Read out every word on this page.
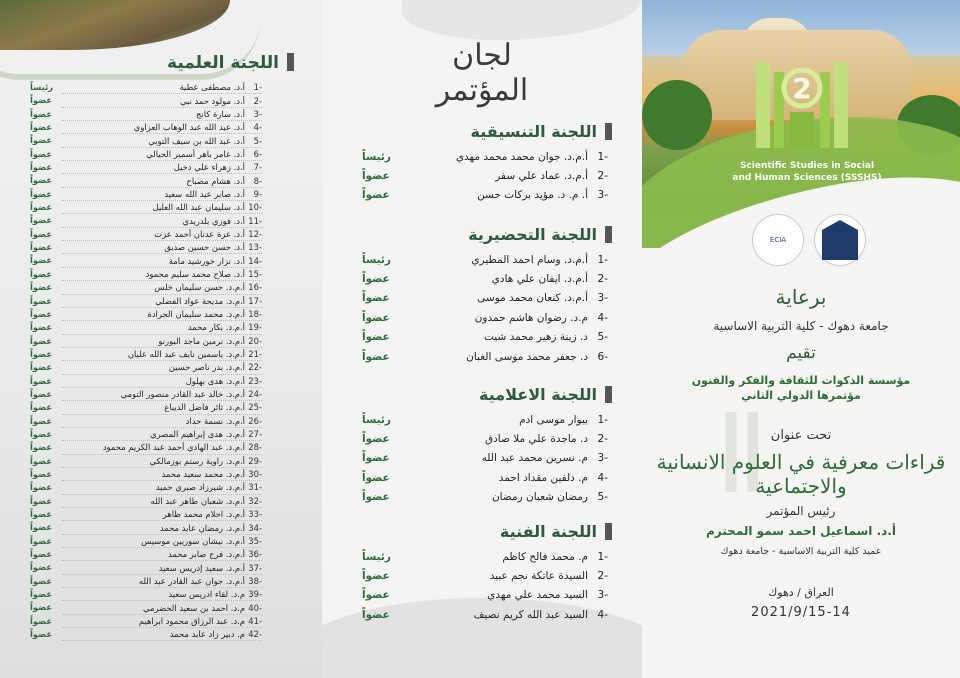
اللجنة العلمية
-1
أ.د. مصطفى عطية
-2
أ.د. مولود حمد نبي
-3
أ.د. سارة كانج
-4
أ.د. عبد الله عبد الوهاب العزاوي
-5
أ.د. عبد الله بن سيف التوبي
-6
أ.د. عامر باهر أسمير الحيالي
-7
أ.د. زهراء علي دخيل
-8
أ.د. هشام مصباح
-9
أ.د. صابر عبد الله سعيد
-10
أ.د. سليمان عبد الله العليل
-11
أ.د. فوزي بلدريدي
-12
أ.د. عزة عدنان أحمد عزت
-13
أ.د. حسن حسين صديق
-14
أ.د. نزار خورشيد مامة
-15
أ.د. صلاح محمد سليم محمود
-16
أ.م.د. حسن سليمان خلس
-17
أ.م.د. مديحة عواد الفضلي
-18
أ.م.د. محمد سليمان الجرادة
-19
أ.م.د. بكار محمد
-20
أ.م.د. نرمين ماجد البورنو
-21
أ.م.د. ياسمين نايف عبد الله عليان
-22
أ.م.د. بدر ناصر حسين
-23
أ.م.د. هدى بهلول
-24
أ.م.د. خالد عبد القادر منصور التومي
-25
أ.م.د. ثائر فاضل الديباغ
-26
أ.م.د. نسمة حداد
-27
أ.م.د. هدى إبراهيم المصري
-28
أ.م.د. عبد الهادي أحمد عبد الكريم محمود
-29
أ.م.د. راوية رستم بوزمالكي
-30
أ.م.د. محمد سعيد محمد
-31
أ.م.د. شيرزاد صبري حميد
-32
أ.م.د. شعبان طاهر عبد الله
-33
أ.م.د. احلام محمد ظاهر
-34
أ.م.د. رمضان عابد محمد
-35
أ.م.د. نيشان سوريين موسيس
-36
أ.م.د. فرج صابر محمد
-37
أ.م.د. سعيد إدريس سعيد
-38
أ.م.د. جوان عبد القادر عبد الله
-39
م.د. لقاء ادريس سعيد
-40
م.د. احمد بن سعيد الحضرمي
-41
م.د. عبد الرزاق محمود ابراهيم
-42
م. دبير زاد عابد محمد
رئيساً
عضواً
عضواً
عضواً
عضواً
عضواً
عضواً
عضواً
عضواً
عضواً
عضواً
عضواً
عضواً
عضواً
عضواً
عضواً
عضواً
عضواً
عضواً
عضواً
عضواً
عضواً
عضواً
عضواً
عضواً
عضواً
عضواً
عضواً
عضواً
عضواً
عضواً
عضواً
عضواً
عضواً
عضواً
عضواً
عضواً
عضواً
عضواً
عضواً
عضواً
عضواً
لجان المؤتمر
اللجنة التنسيقية
-1
أ.م.د. جوان محمد محمد مهدي
رئيساً
-2
أ.م.د. عماد علي سفر
عضواً
-3
أ. م. د. مؤيد بركات حسن
عضواً
اللجنة التحضيرية
-1
أ.م.د. وسام احمد المطيري
رئيساً
-2
أ.م.د. ايفان علي هادي
عضواً
-3
أ.م.د. كنعان محمد موسى
عضواً
-4
م.د. رضوان هاشم حمدون
عضواً
-5
د. زينة زهير محمد شيت
عضواً
-6
د. جعفر محمد موسى الغبان
عضواً
اللجنة الاعلامية
-1
بيوار موسى ادم
رئيساً
-2
د. ماجدة علي ملا صادق
عضواً
-3
م. نسرين محمد عبد الله
عضواً
-4
م. دلفين مقداد احمد
عضواً
-5
رمضان شعبان رمضان
عضواً
اللجنة الفنية
-1
م. محمد فالح كاظم
رئيساً
-2
السيدة عاتكة نجم عبيد
عضواً
-3
السيد محمد علي مهدي
عضواً
-4
السيد عبد الله كريم نصيف
عضواً
2
Scientific Studies in Social and Human Sciences (SSSHS)
ECIA
Ⅱ
برعاية
جامعة دهوك - كلية التربية الاساسية
تقيم
مؤسسة الذكوات للثقافة والفكر والفنون
مؤتمرها الدولي الثاني
تحت عنوان
قراءات معرفية في العلوم الانسانية والاجتماعية
رئيس المؤتمر
أ.د. اسماعيل احمد سمو المحترم
عميد كلية التربية الاساسية - جامعة دهوك
العراق / دهوك
2021/9/15-14
